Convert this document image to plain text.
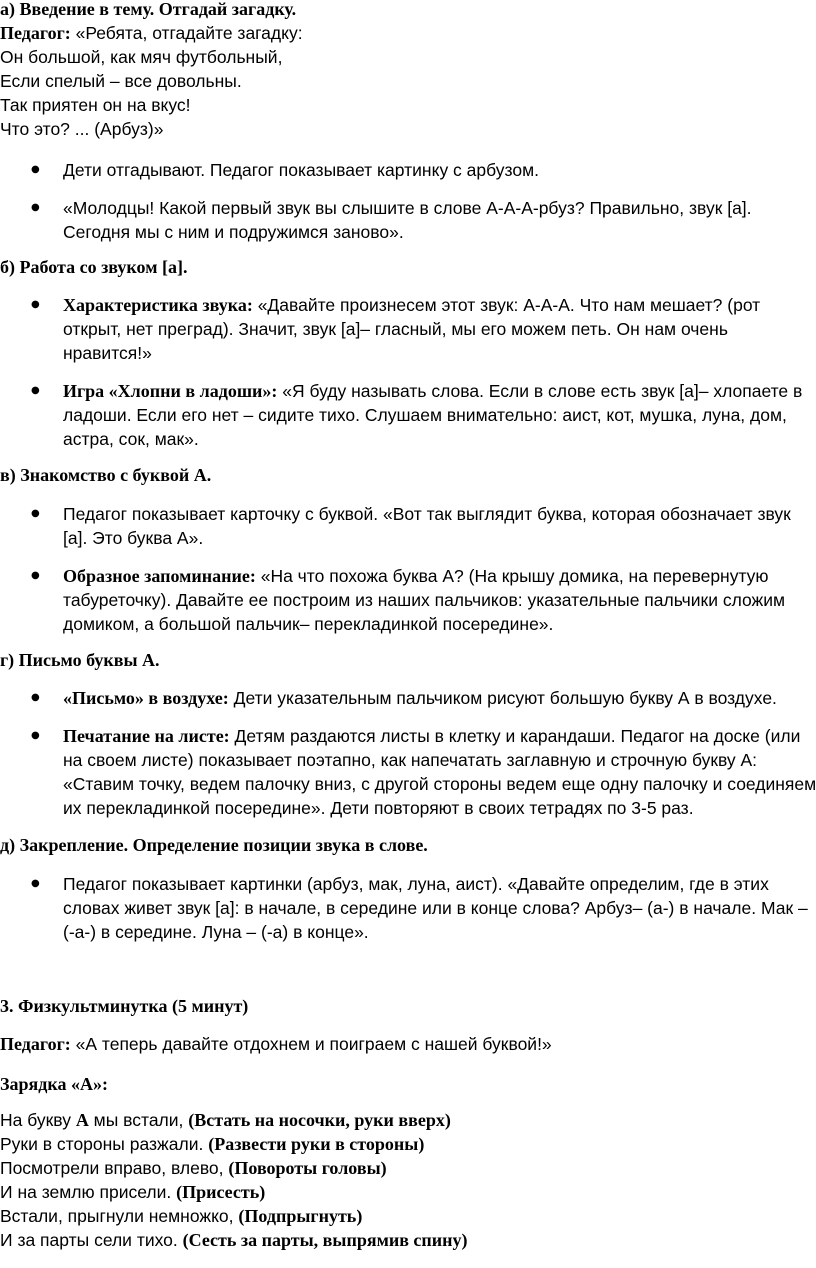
а) Введение в тему. Отгадай загадку.
Педагог: «Ребята, отгадайте загадку:
Он большой, как мяч футбольный,
Если спелый – все довольны.
Так приятен он на вкус!
Что это? ... (Арбуз)»
● Дети отгадывают. Педагог показывает картинку с арбузом.
● «Молодцы! Какой первый звук вы слышите в слове А-А-А-рбуз? Правильно, звук [а].
Сегодня мы с ним и подружимся заново».
б) Работа со звуком [а].
● Характеристика звука: «Давайте произнесем этот звук: А-А-А. Что нам мешает? (рот
открыт, нет преград). Значит, звук [а]– гласный, мы его можем петь. Он нам очень
нравится!»
● Игра «Хлопни в ладоши»: «Я буду называть слова. Если в слове есть звук [а]– хлопаете в
ладоши. Если его нет – сидите тихо. Слушаем внимательно: аист, кот, мушка, луна, дом,
астра, сок, мак».
в) Знакомство с буквой А.
● Педагог показывает карточку с буквой. «Вот так выглядит буква, которая обозначает звук
[а]. Это буква А».
● Образное запоминание: «На что похожа буква А? (На крышу домика, на перевернутую
табуреточку). Давайте ее построим из наших пальчиков: указательные пальчики сложим
домиком, а большой пальчик– перекладинкой посередине».
г) Письмо буквы А.
● «Письмо» в воздухе: Дети указательным пальчиком рисуют большую букву А в воздухе.
● Печатание на листе: Детям раздаются листы в клетку и карандаши. Педагог на доске (или
на своем листе) показывает поэтапно, как напечатать заглавную и строчную букву А:
«Ставим точку, ведем палочку вниз, с другой стороны ведем еще одну палочку и соединяем
их перекладинкой посередине». Дети повторяют в своих тетрадях по 3-5 раз.
д) Закрепление. Определение позиции звука в слове.
● Педагог показывает картинки (арбуз, мак, луна, аист). «Давайте определим, где в этих
словах живет звук [а]: в начале, в середине или в конце слова? Арбуз– (а-) в начале. Мак –
(-а-) в середине. Луна – (-а) в конце».
3. Физкультминутка (5 минут)
Педагог: «А теперь давайте отдохнем и поиграем с нашей буквой!»
Зарядка «А»:
На букву А мы встали, (Встать на носочки, руки вверх)
Руки в стороны разжали. (Развести руки в стороны)
Посмотрели вправо, влево, (Повороты головы)
И на землю присели. (Присесть)
Встали, прыгнули немножко, (Подпрыгнуть)
И за парты сели тихо. (Сесть за парты, выпрямив спину)
